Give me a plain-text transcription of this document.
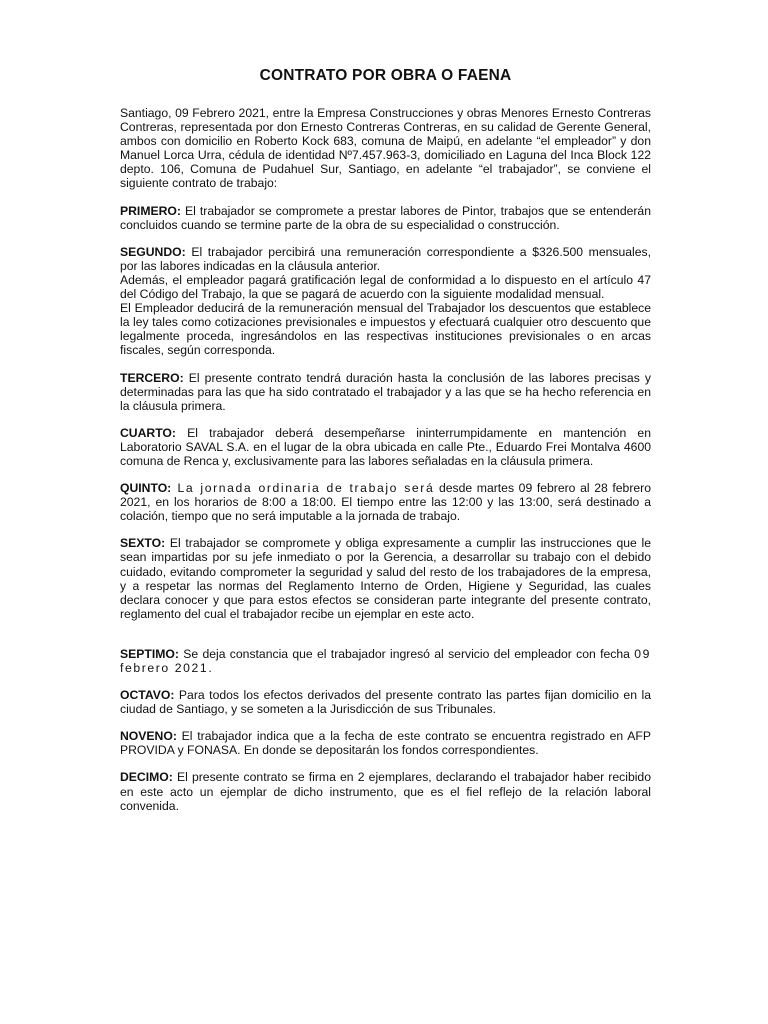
CONTRATO POR OBRA O FAENA

Santiago, 09 Febrero 2021, entre la Empresa Construcciones y obras Menores Ernesto Contreras Contreras, representada por don Ernesto Contreras Contreras, en su calidad de Gerente General, ambos con domicilio en Roberto Kock 683, comuna de Maipú, en adelante “el empleador” y don Manuel Lorca Urra, cédula de identidad Nº7.457.963-3, domiciliado en Laguna del Inca Block 122 depto. 106, Comuna de Pudahuel Sur, Santiago, en adelante “el trabajador”, se conviene el siguiente contrato de trabajo:

PRIMERO: El trabajador se compromete a prestar labores de Pintor, trabajos que se entenderán concluidos cuando se termine parte de la obra de su especialidad o construcción.

SEGUNDO: El trabajador percibirá una remuneración correspondiente a $326.500 mensuales, por las labores indicadas en la cláusula anterior.

Además, el empleador pagará gratificación legal de conformidad a lo dispuesto en el artículo 47 del Código del Trabajo, la que se pagará de acuerdo con la siguiente modalidad mensual.

El Empleador deducirá de la remuneración mensual del Trabajador los descuentos que establece la ley tales como cotizaciones previsionales e impuestos y efectuará cualquier otro descuento que legalmente proceda, ingresándolos en las respectivas instituciones previsionales o en arcas fiscales, según corresponda.

TERCERO: El presente contrato tendrá duración hasta la conclusión de las labores precisas y determinadas para las que ha sido contratado el trabajador y a las que se ha hecho referencia en la cláusula primera.

CUARTO: El trabajador deberá desempeñarse ininterrumpidamente en mantención en Laboratorio SAVAL S.A. en el lugar de la obra ubicada en calle Pte., Eduardo Frei Montalva 4600 comuna de Renca y, exclusivamente para las labores señaladas en la cláusula primera.

QUINTO: La jornada ordinaria de trabajo será desde martes 09 febrero al 28 febrero 2021, en los horarios de 8:00 a 18:00. El tiempo entre las 12:00 y las 13:00, será destinado a colación, tiempo que no será imputable a la jornada de trabajo.

SEXTO: El trabajador se compromete y obliga expresamente a cumplir las instrucciones que le sean impartidas por su jefe inmediato o por la Gerencia, a desarrollar su trabajo con el debido cuidado, evitando comprometer la seguridad y salud del resto de los trabajadores de la empresa, y a respetar las normas del Reglamento Interno de Orden, Higiene y Seguridad, las cuales declara conocer y que para estos efectos se consideran parte integrante del presente contrato, reglamento del cual el trabajador recibe un ejemplar en este acto.

SEPTIMO: Se deja constancia que el trabajador ingresó al servicio del empleador con fecha 09 febrero 2021.

OCTAVO: Para todos los efectos derivados del presente contrato las partes fijan domicilio en la ciudad de Santiago, y se someten a la Jurisdicción de sus Tribunales.

NOVENO: El trabajador indica que a la fecha de este contrato se encuentra registrado en AFP PROVIDA y FONASA. En donde se depositarán los fondos correspondientes.

DECIMO: El presente contrato se firma en 2 ejemplares, declarando el trabajador haber recibido en este acto un ejemplar de dicho instrumento, que es el fiel reflejo de la relación laboral convenida.
